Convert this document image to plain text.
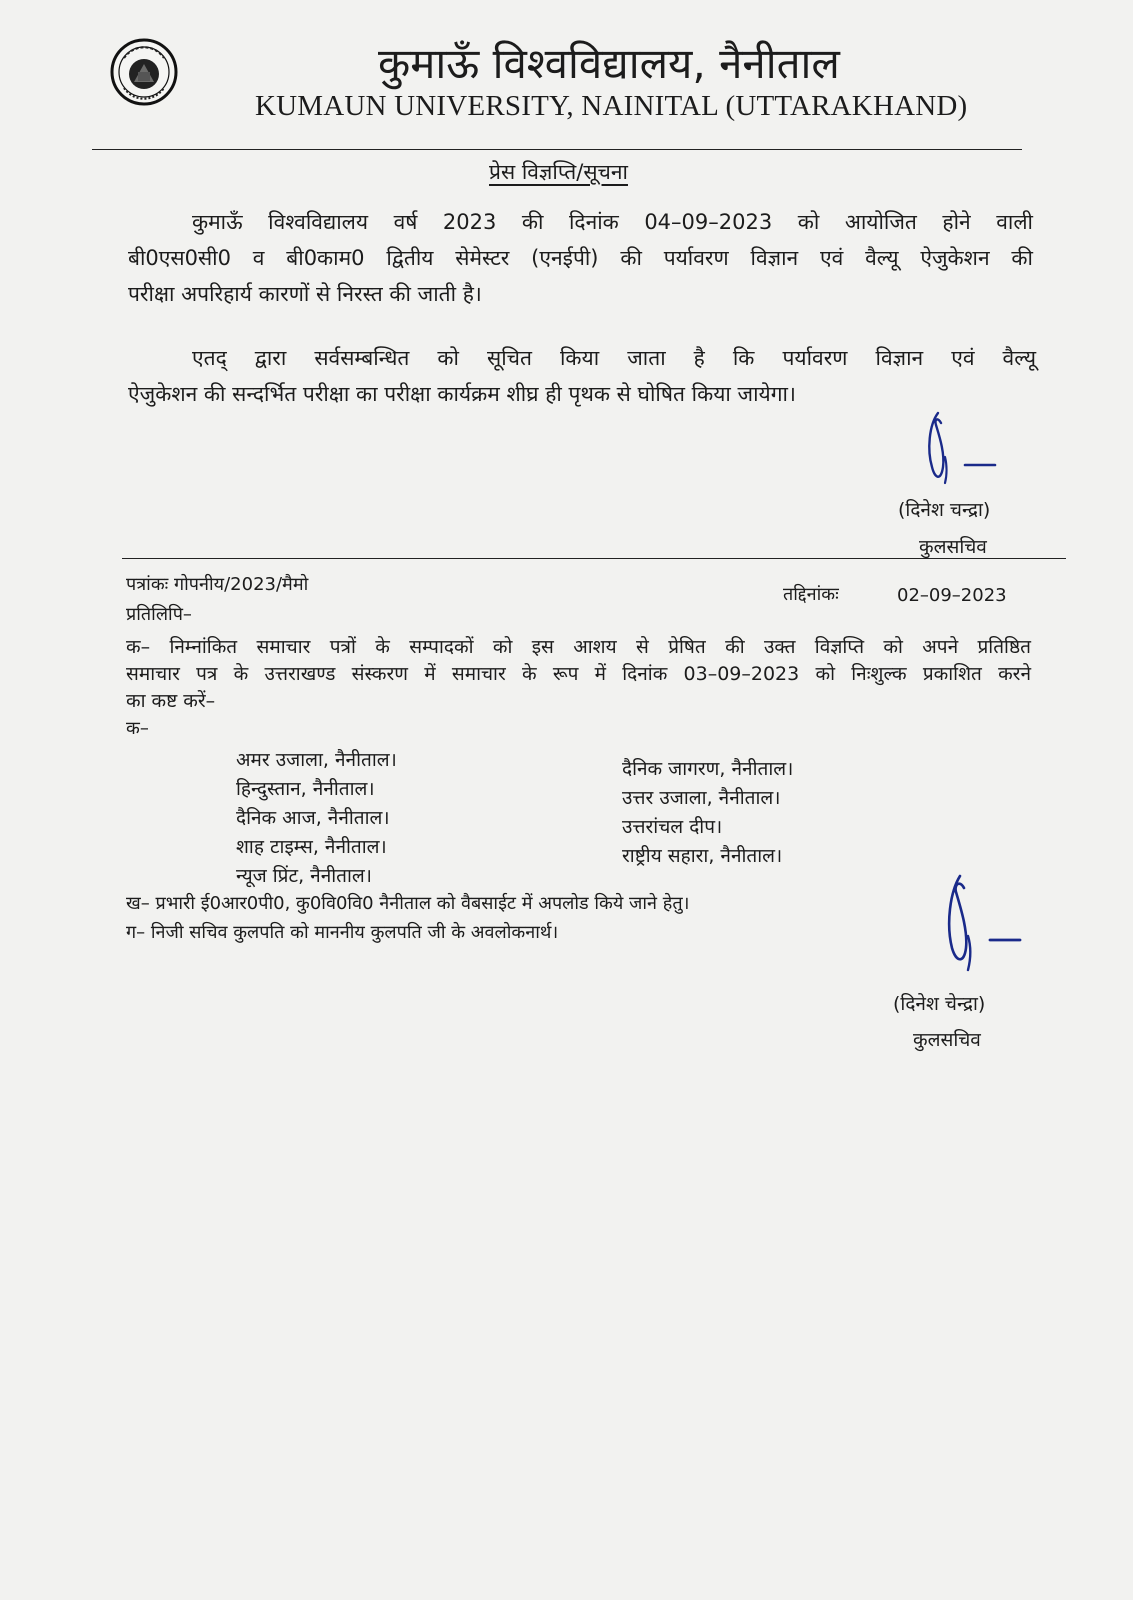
कुमाऊँ विश्वविद्यालय, नैनीताल
KUMAUN UNIVERSITY, NAINITAL (UTTARAKHAND)
प्रेस विज्ञप्ति/सूचना
कुमाऊँ विश्वविद्यालय वर्ष 2023 की दिनांक 04–09–2023 को आयोजित होने वाली
बी0एस0सी0 व बी0काम0 द्वितीय सेमेस्टर (एनईपी) की पर्यावरण विज्ञान एवं वैल्यू ऐजुकेशन की
परीक्षा अपरिहार्य कारणों से निरस्त की जाती है।
एतद् द्वारा सर्वसम्बन्धित को सूचित किया जाता है कि पर्यावरण विज्ञान एवं वैल्यू
ऐजुकेशन की सन्दर्भित परीक्षा का परीक्षा कार्यक्रम शीघ्र ही पृथक से घोषित किया जायेगा।
(दिनेश चन्द्रा)
कुलसचिव
पत्रांकः गोपनीय/2023/मैमो	तद्दिनांकः	02–09–2023
प्रतिलिपि–
क– निम्नांकित समाचार पत्रों के सम्पादकों को इस आशय से प्रेषित की उक्त विज्ञप्ति को अपने प्रतिष्ठित
समाचार पत्र के उत्तराखण्ड संस्करण में समाचार के रूप में दिनांक 03–09–2023 को निःशुल्क प्रकाशित करने
का कष्ट करें–
क–
अमर उजाला, नैनीताल।
हिन्दुस्तान, नैनीताल।
दैनिक आज, नैनीताल।
शाह टाइम्स, नैनीताल।
न्यूज प्रिंट, नैनीताल।
दैनिक जागरण, नैनीताल।
उत्तर उजाला, नैनीताल।
उत्तरांचल दीप।
राष्ट्रीय सहारा, नैनीताल।
ख– प्रभारी ई0आर0पी0, कु0वि0वि0 नैनीताल को वैबसाईट में अपलोड किये जाने हेतु।
ग– निजी सचिव कुलपति को माननीय कुलपति जी के अवलोकनार्थ।
(दिनेश चेन्द्रा)
कुलसचिव
